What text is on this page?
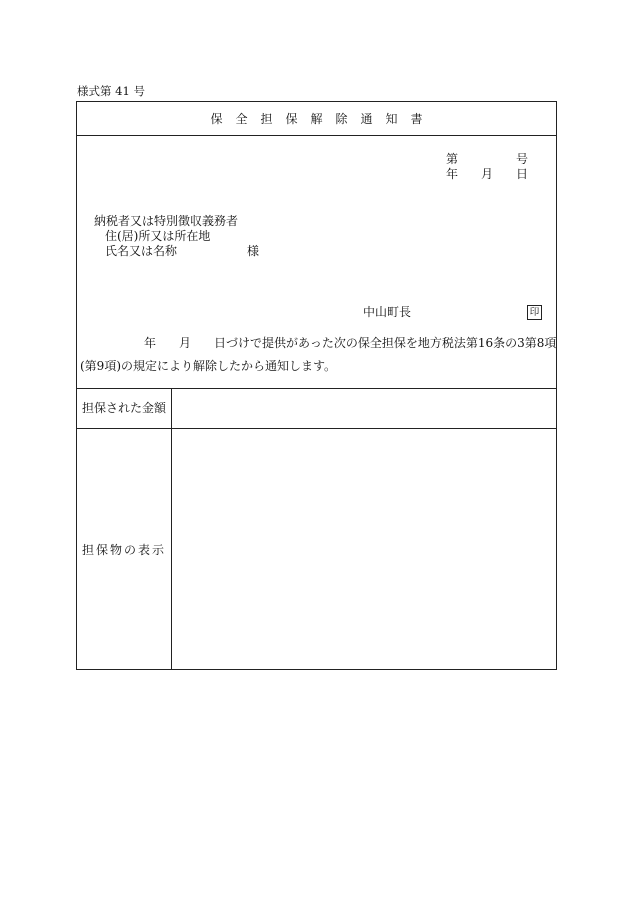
様式第 41 号
保全担保解除通知書
第	号
年 月 日
納税者又は特別徴収義務者
住(居)所又は所在地
氏名又は名称	様
中山町長	印
年 月 日づけで提供があった次の保全担保を地方税法第16条の3第8項
(第9項)の規定により解除したから通知します。
担保された金額
担保物の表示
